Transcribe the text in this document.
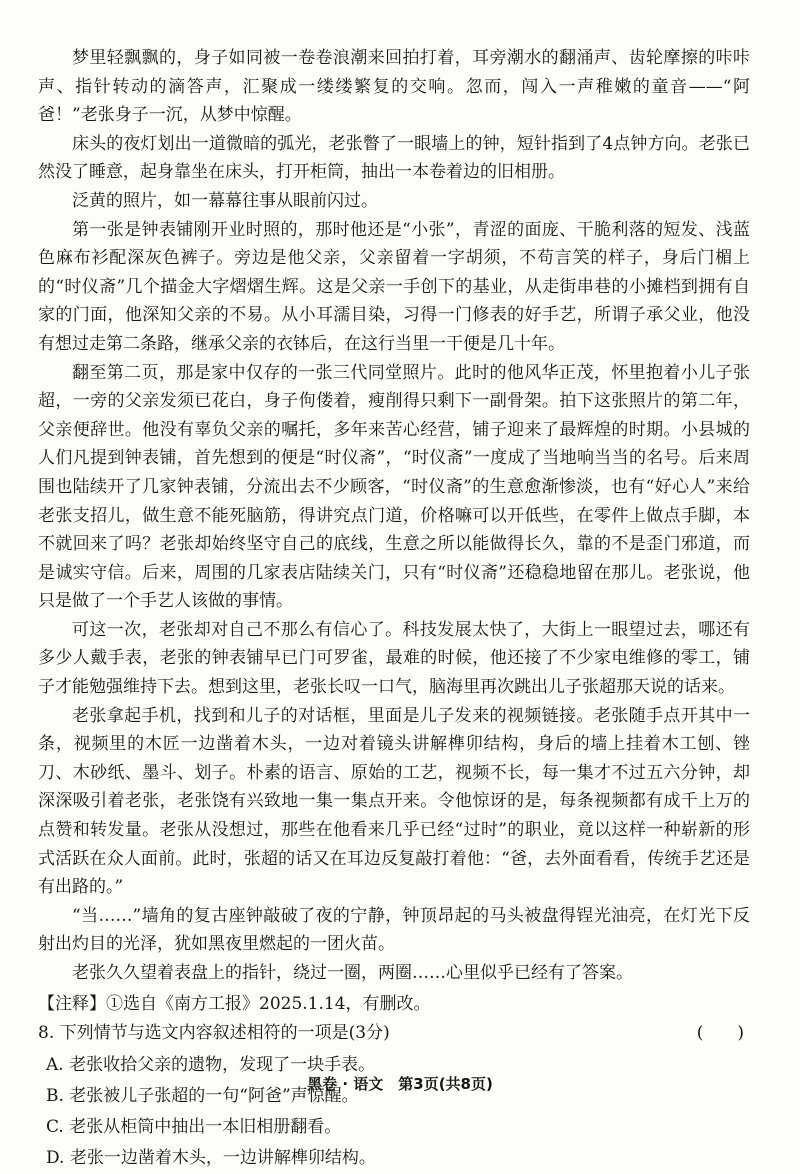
梦里轻飘飘的，身子如同被一卷卷浪潮来回拍打着，耳旁潮水的翻涌声、齿轮摩擦的咔咔声、指针转动的滴答声，汇聚成一缕缕繁复的交响。忽而，闯入一声稚嫩的童音——“阿爸！”老张身子一沉，从梦中惊醒。

床头的夜灯划出一道微暗的弧光，老张瞥了一眼墙上的钟，短针指到了4点钟方向。老张已然没了睡意，起身靠坐在床头，打开柜筒，抽出一本卷着边的旧相册。

泛黄的照片，如一幕幕往事从眼前闪过。

第一张是钟表铺刚开业时照的，那时他还是“小张”，青涩的面庞、干脆利落的短发、浅蓝色麻布衫配深灰色裤子。旁边是他父亲，父亲留着一字胡须，不苟言笑的样子，身后门楣上的“时仪斋”几个描金大字熠熠生辉。这是父亲一手创下的基业，从走街串巷的小摊档到拥有自家的门面，他深知父亲的不易。从小耳濡目染，习得一门修表的好手艺，所谓子承父业，他没有想过走第二条路，继承父亲的衣钵后，在这行当里一干便是几十年。

翻至第二页，那是家中仅存的一张三代同堂照片。此时的他风华正茂，怀里抱着小儿子张超，一旁的父亲发须已花白，身子佝偻着，瘦削得只剩下一副骨架。拍下这张照片的第二年，父亲便辞世。他没有辜负父亲的嘱托，多年来苦心经营，铺子迎来了最辉煌的时期。小县城的人们凡提到钟表铺，首先想到的便是“时仪斋”，“时仪斋”一度成了当地响当当的名号。后来周围也陆续开了几家钟表铺，分流出去不少顾客，“时仪斋”的生意愈渐惨淡，也有“好心人”来给老张支招儿，做生意不能死脑筋，得讲究点门道，价格嘛可以开低些，在零件上做点手脚，本不就回来了吗？老张却始终坚守自己的底线，生意之所以能做得长久，靠的不是歪门邪道，而是诚实守信。后来，周围的几家表店陆续关门，只有“时仪斋”还稳稳地留在那儿。老张说，他只是做了一个手艺人该做的事情。

可这一次，老张却对自己不那么有信心了。科技发展太快了，大街上一眼望过去，哪还有多少人戴手表，老张的钟表铺早已门可罗雀，最难的时候，他还接了不少家电维修的零工，铺子才能勉强维持下去。想到这里，老张长叹一口气，脑海里再次跳出儿子张超那天说的话来。

老张拿起手机，找到和儿子的对话框，里面是儿子发来的视频链接。老张随手点开其中一条，视频里的木匠一边凿着木头，一边对着镜头讲解榫卯结构，身后的墙上挂着木工刨、锉刀、木砂纸、墨斗、划子。朴素的语言、原始的工艺，视频不长，每一集才不过五六分钟，却深深吸引着老张，老张饶有兴致地一集一集点开来。令他惊讶的是，每条视频都有成千上万的点赞和转发量。老张从没想过，那些在他看来几乎已经“过时”的职业，竟以这样一种崭新的形式活跃在众人面前。此时，张超的话又在耳边反复敲打着他：“爸，去外面看看，传统手艺还是有出路的。”

“当……”墙角的复古座钟敲破了夜的宁静，钟顶昂起的马头被盘得锃光油亮，在灯光下反射出灼目的光泽，犹如黑夜里燃起的一团火苗。

老张久久望着表盘上的指针，绕过一圈，两圈……心里似乎已经有了答案。

【注释】①选自《南方工报》2025.1.14，有删改。

8. 下列情节与选文内容叙述相符的一项是(3分)	(　　)
A. 老张收拾父亲的遗物，发现了一块手表。
B. 老张被儿子张超的一句“阿爸”声惊醒。
C. 老张从柜筒中抽出一本旧相册翻看。
D. 老张一边凿着木头，一边讲解榫卯结构。
黑卷 · 语文　第3页(共8页)
